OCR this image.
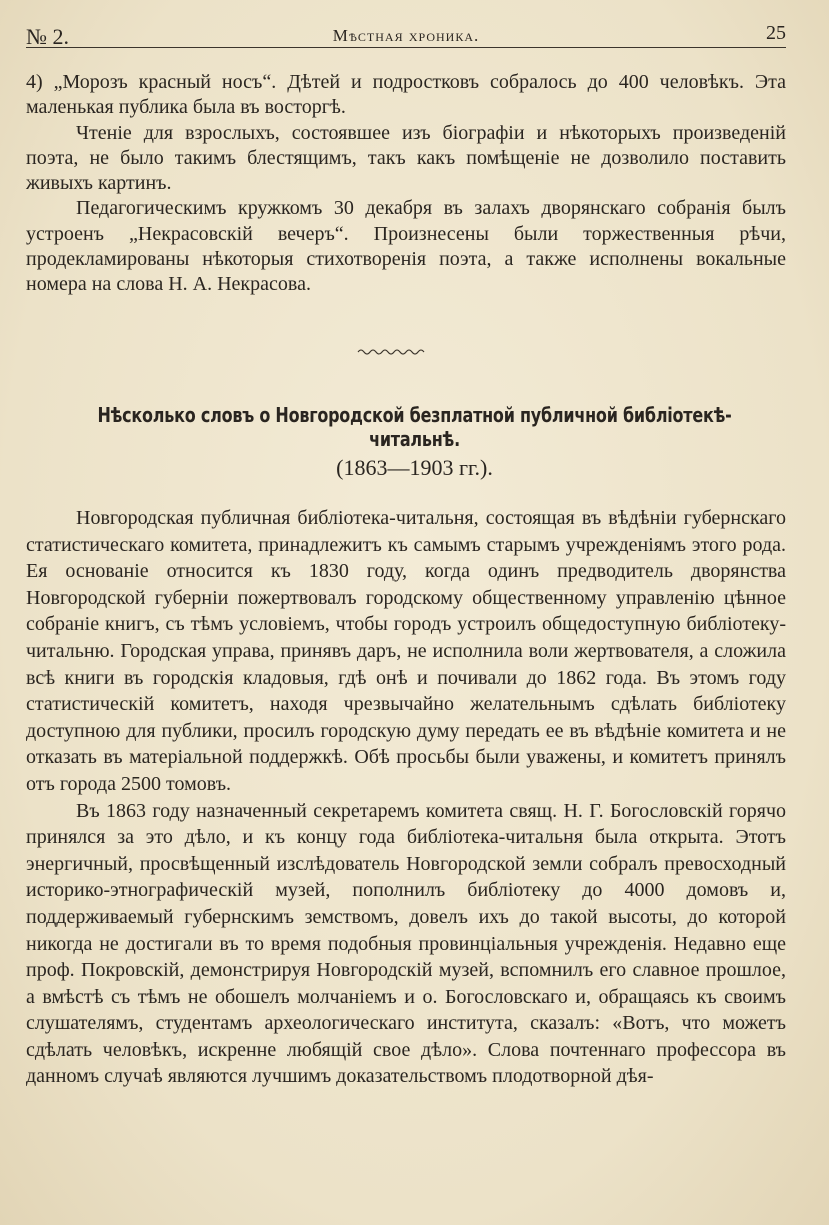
№ 2.	Мѣстная хроника.	25

4) „Морозъ красный носъ“. Дѣтей и подростковъ собралось до 400 человѣкъ. Эта маленькая публика была въ восторгѣ.

Чтеніе для взрослыхъ, состоявшее изъ біографіи и нѣкоторыхъ произведеній поэта, не было такимъ блестящимъ, такъ какъ помѣщеніе не дозволило поставить живыхъ картинъ.

Педагогическимъ кружкомъ 30 декабря въ залахъ дворянскаго собранія былъ устроенъ „Некрасовскій вечеръ“. Произнесены были торжественныя рѣчи, продекламированы нѣкоторыя стихотворенія поэта, а также исполнены вокальные номера на слова Н. А. Некрасова.

Нѣсколько словъ о Новгородской безплатной публичной библіотекѣ-читальнѣ.
(1863—1903 гг.).

Новгородская публичная библіотека-читальня, состоящая въ вѣдѣніи губернскаго статистическаго комитета, принадлежитъ къ самымъ старымъ учрежденіямъ этого рода. Ея основаніе относится къ 1830 году, когда одинъ предводитель дворянства Новгородской губерніи пожертвовалъ городскому общественному управленію цѣнное собраніе книгъ, съ тѣмъ условіемъ, чтобы городъ устроилъ общедоступную библіотеку-читальню. Городская управа, принявъ даръ, не исполнила воли жертвователя, а сложила всѣ книги въ городскія кладовыя, гдѣ онѣ и почивали до 1862 года. Въ этомъ году статистическій комитетъ, находя чрезвычайно желательнымъ сдѣлать библіотеку доступною для публики, просилъ городскую думу передать ее въ вѣдѣніе комитета и не отказать въ матеріальной поддержкѣ. Обѣ просьбы были уважены, и комитетъ принялъ отъ города 2500 томовъ.

Въ 1863 году назначенный секретаремъ комитета свящ. Н. Г. Богословскій горячо принялся за это дѣло, и къ концу года библіотека-читальня была открыта. Этотъ энергичный, просвѣщенный изслѣдователь Новгородской земли собралъ превосходный историко-этнографическій музей, пополнилъ библіотеку до 4000 домовъ и, поддерживаемый губернскимъ земствомъ, довелъ ихъ до такой высоты, до которой никогда не достигали въ то время подобныя провинціальныя учрежденія. Недавно еще проф. Покровскій, демонстрируя Новгородскій музей, вспомнилъ его славное прошлое, а вмѣстѣ съ тѣмъ не обошелъ молчаніемъ и о. Богословскаго и, обращаясь къ своимъ слушателямъ, студентамъ археологическаго института, сказалъ: «Вотъ, что можетъ сдѣлать человѣкъ, искренне любящій свое дѣло». Слова почтеннаго профессора въ данномъ случаѣ являются лучшимъ доказательствомъ плодотворной дѣя-
